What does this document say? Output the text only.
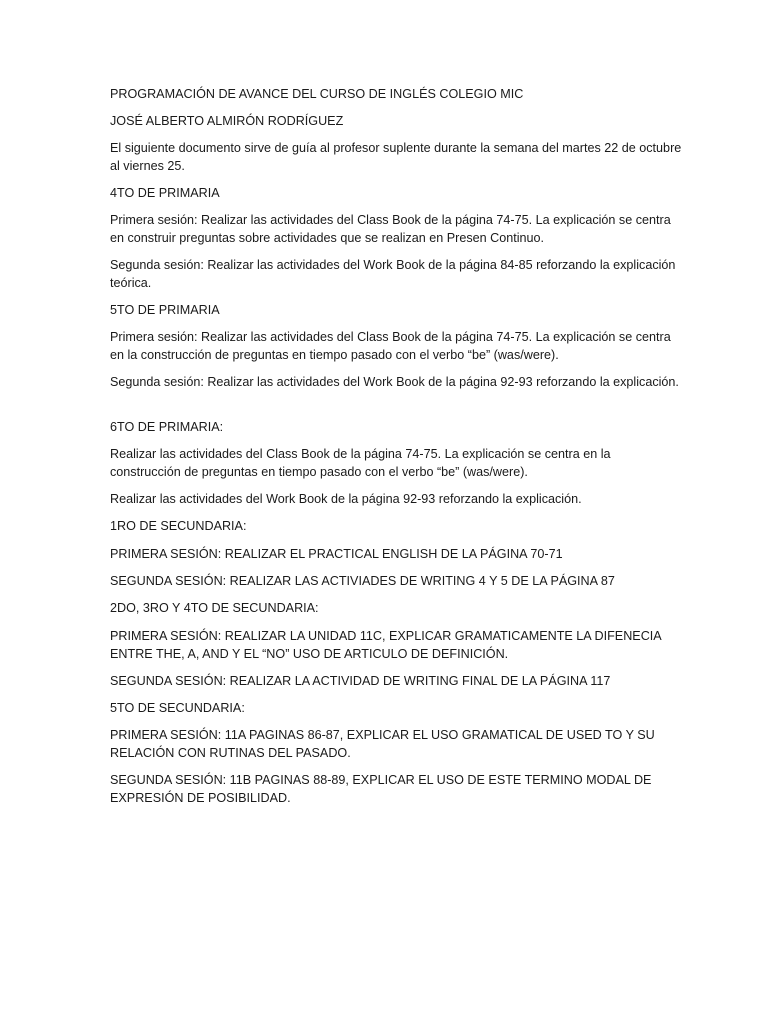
PROGRAMACIÓN DE AVANCE DEL CURSO DE INGLÉS COLEGIO MIC

JOSÉ ALBERTO ALMIRÓN RODRÍGUEZ

El siguiente documento sirve de guía al profesor suplente durante la semana del martes 22 de octubre al viernes 25.

4TO DE PRIMARIA

Primera sesión: Realizar las actividades del Class Book de la página 74-75. La explicación se centra en construir preguntas sobre actividades que se realizan en Presen Continuo.

Segunda sesión: Realizar las actividades del Work Book de la página 84-85 reforzando la explicación teórica.

5TO DE PRIMARIA

Primera sesión: Realizar las actividades del Class Book de la página 74-75. La explicación se centra en la construcción de preguntas en tiempo pasado con el verbo “be” (was/were).

Segunda sesión: Realizar las actividades del Work Book de la página 92-93 reforzando la explicación.

6TO DE PRIMARIA:

Realizar las actividades del Class Book de la página 74-75. La explicación se centra en la construcción de preguntas en tiempo pasado con el verbo “be” (was/were).

Realizar las actividades del Work Book de la página 92-93 reforzando la explicación.

1RO DE SECUNDARIA:

PRIMERA SESIÓN: REALIZAR EL PRACTICAL ENGLISH DE LA PÁGINA 70-71

SEGUNDA SESIÓN: REALIZAR LAS ACTIVIADES DE WRITING 4 Y 5 DE LA PÁGINA 87

2DO, 3RO Y 4TO DE SECUNDARIA:

PRIMERA SESIÓN: REALIZAR LA UNIDAD 11C, EXPLICAR GRAMATICAMENTE LA DIFENECIA ENTRE THE, A, AND Y EL “NO” USO DE ARTICULO DE DEFINICIÓN.

SEGUNDA SESIÓN: REALIZAR LA ACTIVIDAD DE WRITING FINAL DE LA PÁGINA 117

5TO DE SECUNDARIA:

PRIMERA SESIÓN: 11A PAGINAS 86-87, EXPLICAR EL USO GRAMATICAL DE USED TO Y SU RELACIÓN CON RUTINAS DEL PASADO.

SEGUNDA SESIÓN: 11B PAGINAS 88-89, EXPLICAR EL USO DE ESTE TERMINO MODAL DE EXPRESIÓN DE POSIBILIDAD.
